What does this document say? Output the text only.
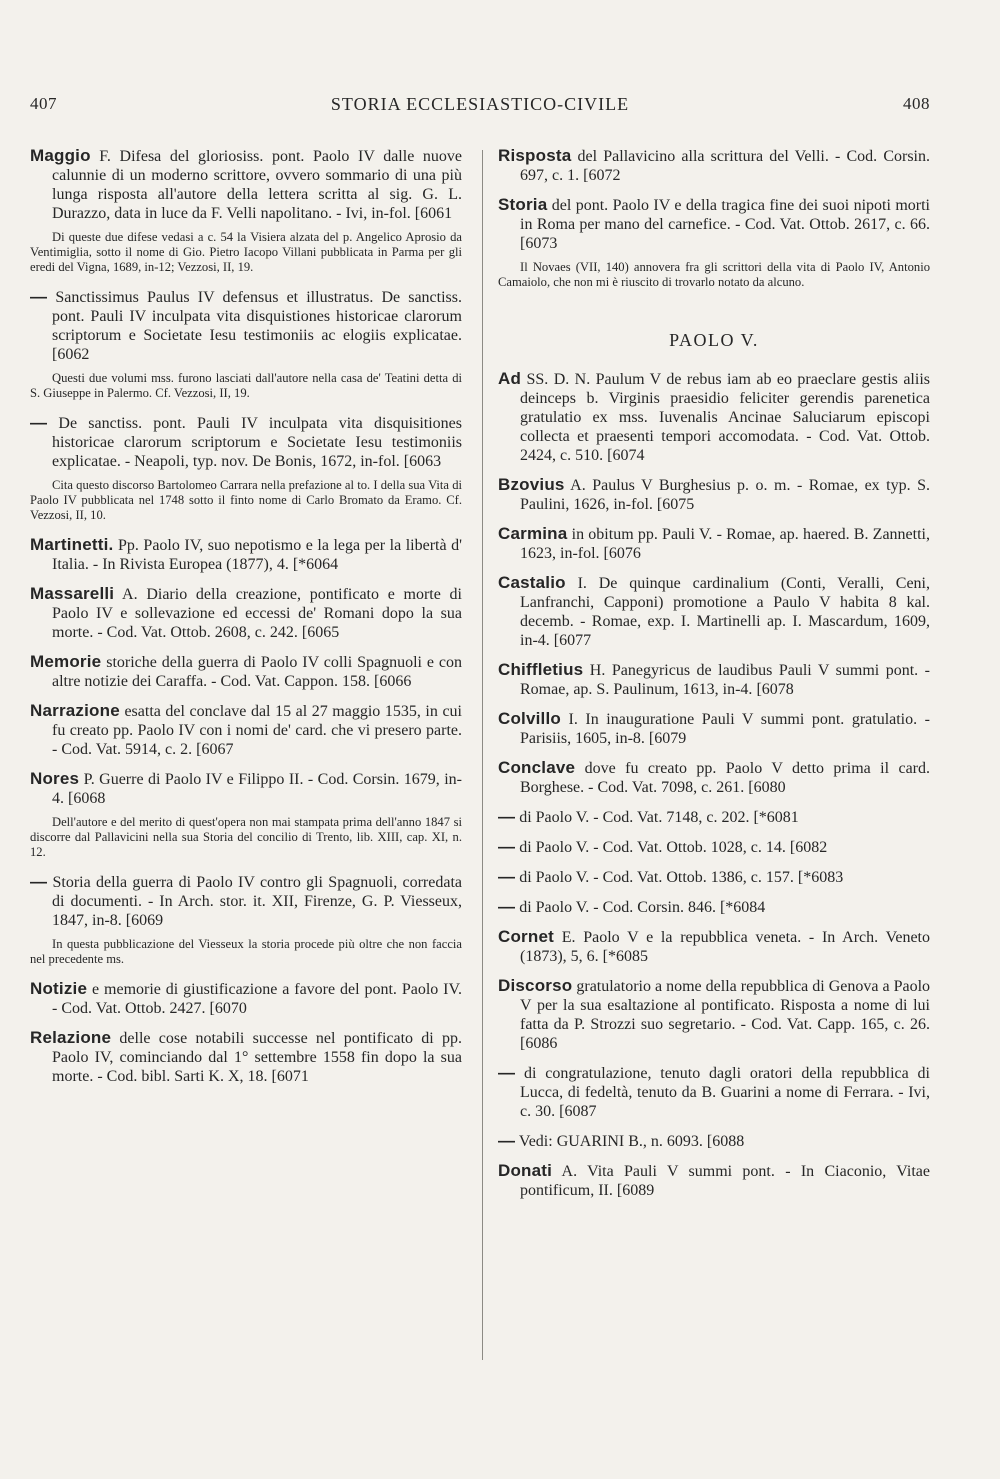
407	STORIA ECCLESIASTICO-CIVILE	408

Maggio F. Difesa del gloriosiss. pont. Paolo IV dalle nuove calunnie di un moderno scrittore, ovvero sommario di una più lunga risposta all'autore della lettera scritta al sig. G. L. Durazzo, data in luce da F. Velli napolitano. - Ivi, in-fol. [6061

Di queste due difese vedasi a c. 54 la Visiera alzata del p. Angelico Aprosio da Ventimiglia, sotto il nome di Gio. Pietro Iacopo Villani pubblicata in Parma per gli eredi del Vigna, 1689, in-12; Vezzosi, II, 19.

— Sanctissimus Paulus IV defensus et illustratus. De sanctiss. pont. Pauli IV inculpata vita disquistiones historicae clarorum scriptorum e Societate Iesu testimoniis ac elogiis explicatae. [6062

Questi due volumi mss. furono lasciati dall'autore nella casa de' Teatini detta di S. Giuseppe in Palermo. Cf. Vezzosi, II, 19.

— De sanctiss. pont. Pauli IV inculpata vita disquisitiones historicae clarorum scriptorum e Societate Iesu testimoniis explicatae. - Neapoli, typ. nov. De Bonis, 1672, in-fol. [6063

Cita questo discorso Bartolomeo Carrara nella prefazione al to. I della sua Vita di Paolo IV pubblicata nel 1748 sotto il finto nome di Carlo Bromato da Eramo. Cf. Vezzosi, II, 10.

Martinetti. Pp. Paolo IV, suo nepotismo e la lega per la libertà d' Italia. - In Rivista Europea (1877), 4. [*6064

Massarelli A. Diario della creazione, pontificato e morte di Paolo IV e sollevazione ed eccessi de' Romani dopo la sua morte. - Cod. Vat. Ottob. 2608, c. 242. [6065

Memorie storiche della guerra di Paolo IV colli Spagnuoli e con altre notizie dei Caraffa. - Cod. Vat. Cappon. 158. [6066

Narrazione esatta del conclave dal 15 al 27 maggio 1535, in cui fu creato pp. Paolo IV con i nomi de' card. che vi presero parte. - Cod. Vat. 5914, c. 2. [6067

Nores P. Guerre di Paolo IV e Filippo II. - Cod. Corsin. 1679, in-4. [6068

Dell'autore e del merito di quest'opera non mai stampata prima dell'anno 1847 si discorre dal Pallavicini nella sua Storia del concilio di Trento, lib. XIII, cap. XI, n. 12.

— Storia della guerra di Paolo IV contro gli Spagnuoli, corredata di documenti. - In Arch. stor. it. XII, Firenze, G. P. Viesseux, 1847, in-8. [6069

In questa pubblicazione del Viesseux la storia procede più oltre che non faccia nel precedente ms.

Notizie e memorie di giustificazione a favore del pont. Paolo IV. - Cod. Vat. Ottob. 2427. [6070

Relazione delle cose notabili successe nel pontificato di pp. Paolo IV, cominciando dal 1° settembre 1558 fin dopo la sua morte. - Cod. bibl. Sarti K. X, 18. [6071

Risposta del Pallavicino alla scrittura del Velli. - Cod. Corsin. 697, c. 1. [6072

Storia del pont. Paolo IV e della tragica fine dei suoi nipoti morti in Roma per mano del carnefice. - Cod. Vat. Ottob. 2617, c. 66. [6073

Il Novaes (VII, 140) annovera fra gli scrittori della vita di Paolo IV, Antonio Camaiolo, che non mi è riuscito di trovarlo notato da alcuno.

PAOLO V.

Ad SS. D. N. Paulum V de rebus iam ab eo praeclare gestis aliis deinceps b. Virginis praesidio feliciter gerendis parenetica gratulatio ex mss. Iuvenalis Ancinae Saluciarum episcopi collecta et praesenti tempori accomodata. - Cod. Vat. Ottob. 2424, c. 510. [6074

Bzovius A. Paulus V Burghesius p. o. m. - Romae, ex typ. S. Paulini, 1626, in-fol. [6075

Carmina in obitum pp. Pauli V. - Romae, ap. haered. B. Zannetti, 1623, in-fol. [6076

Castalio I. De quinque cardinalium (Conti, Veralli, Ceni, Lanfranchi, Capponi) promotione a Paulo V habita 8 kal. decemb. - Romae, exp. I. Martinelli ap. I. Mascardum, 1609, in-4. [6077

Chiffletius H. Panegyricus de laudibus Pauli V summi pont. - Romae, ap. S. Paulinum, 1613, in-4. [6078

Colvillo I. In inaugurationе Pauli V summi pont. gratulatio. - Parisiis, 1605, in-8. [6079

Conclave dove fu creato pp. Paolo V detto prima il card. Borghese. - Cod. Vat. 7098, c. 261. [6080

— di Paolo V. - Cod. Vat. 7148, c. 202. [*6081

— di Paolo V. - Cod. Vat. Ottob. 1028, c. 14. [6082

— di Paolo V. - Cod. Vat. Ottob. 1386, c. 157. [*6083

— di Paolo V. - Cod. Corsin. 846. [*6084

Cornet E. Paolo V e la repubblica veneta. - In Arch. Veneto (1873), 5, 6. [*6085

Discorso gratulatorio a nome della repubblica di Genova a Paolo V per la sua esaltazione al pontificato. Risposta a nome di lui fatta da P. Strozzi suo segretario. - Cod. Vat. Capp. 165, c. 26. [6086

— di congratulazione, tenuto dagli oratori della repubblica di Lucca, di fedeltà, tenuto da B. Guarini a nome di Ferrara. - Ivi, c. 30. [6087

— Vedi: GUARINI B., n. 6093. [6088

Donati A. Vita Pauli V summi pont. - In Ciaconio, Vitae pontificum, II. [6089
